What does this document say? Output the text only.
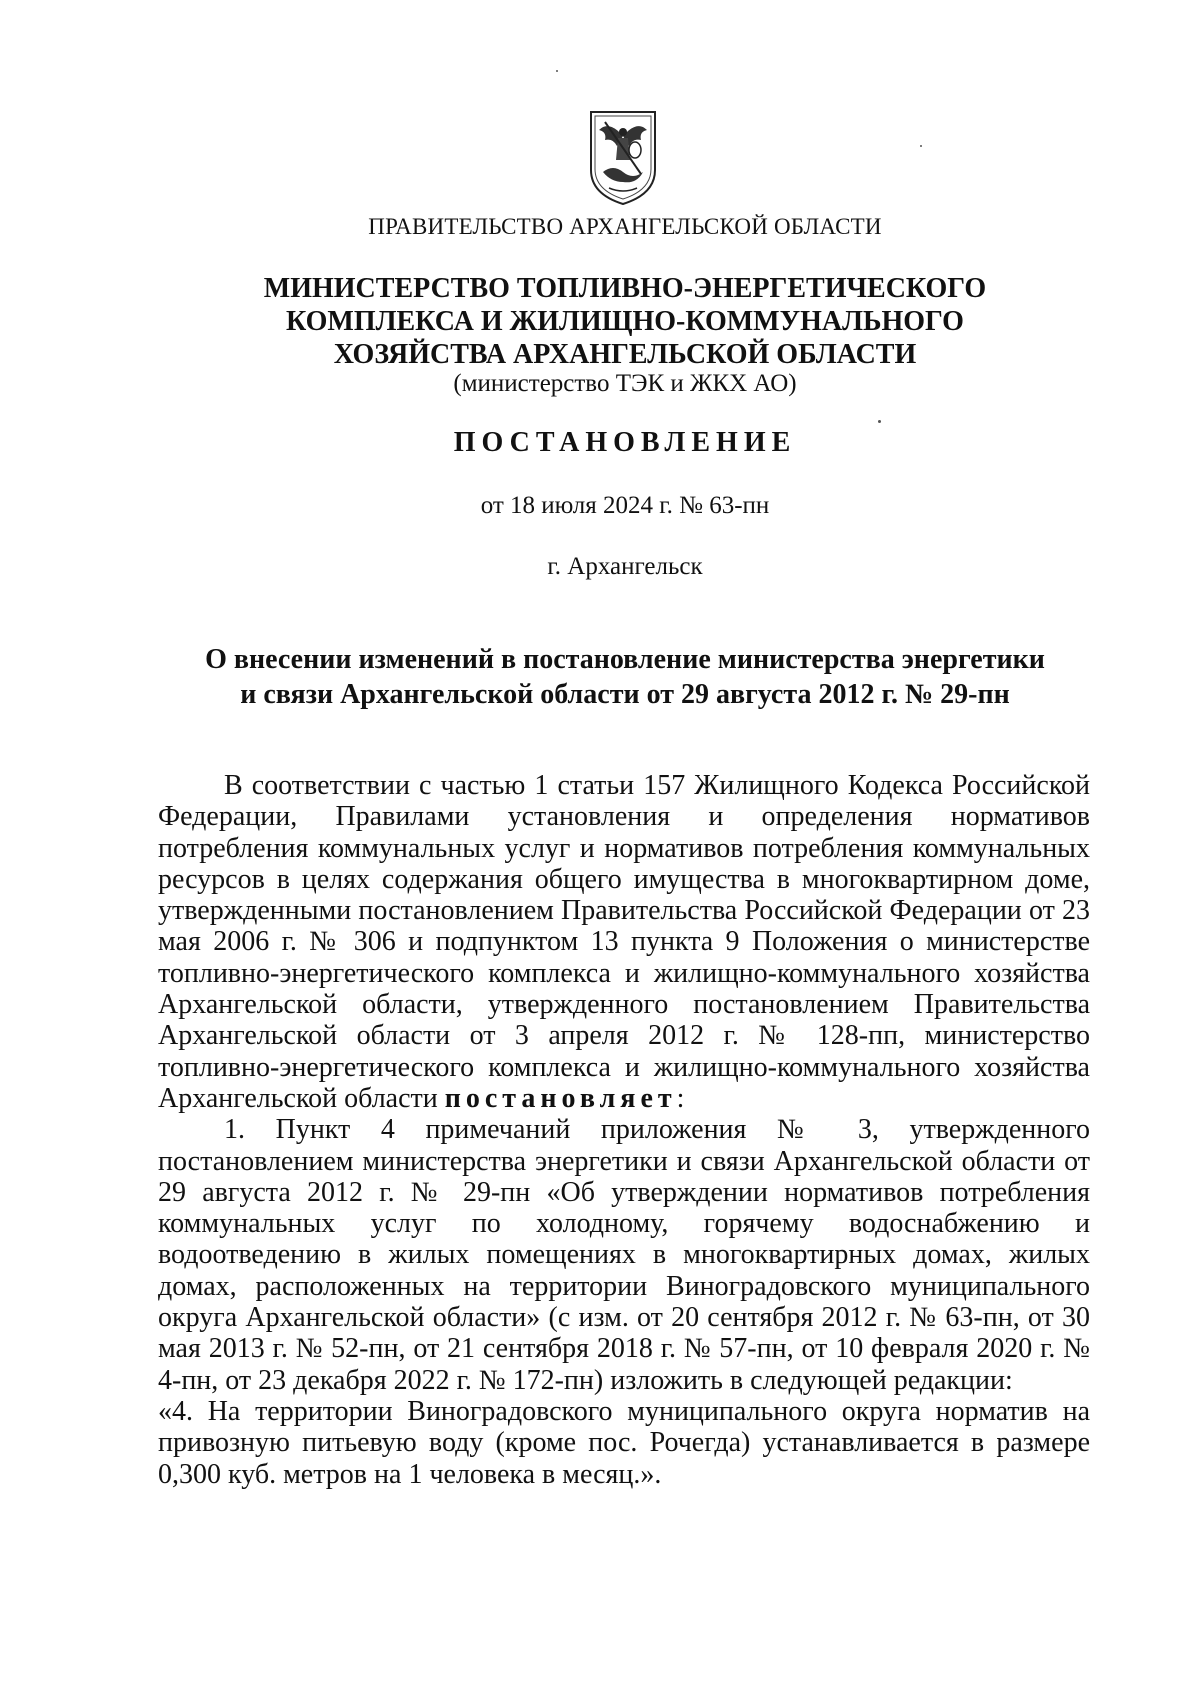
ПРАВИТЕЛЬСТВО АРХАНГЕЛЬСКОЙ ОБЛАСТИ
МИНИСТЕРСТВО ТОПЛИВНО-ЭНЕРГЕТИЧЕСКОГО
КОМПЛЕКСА И ЖИЛИЩНО-КОММУНАЛЬНОГО
ХОЗЯЙСТВА АРХАНГЕЛЬСКОЙ ОБЛАСТИ
(министерство ТЭК и ЖКХ АО)
ПОСТАНОВЛЕНИЕ
от 18 июля 2024 г. № 63-пн
г. Архангельск
О внесении изменений в постановление министерства энергетики
и связи Архангельской области от 29 августа 2012 г. № 29-пн

В соответствии с частью 1 статьи 157 Жилищного Кодекса Российской Федерации, Правилами установления и определения нормативов потребления коммунальных услуг и нормативов потребления коммунальных ресурсов в целях содержания общего имущества в многоквартирном доме, утвержденными постановлением Правительства Российской Федерации от 23 мая 2006 г. № 306 и подпунктом 13 пункта 9 Положения о министерстве топливно-энергетического комплекса и жилищно-коммунального хозяйства Архангельской области, утвержденного постановлением Правительства Архангельской области от 3 апреля 2012 г. № 128-пп, министерство топливно-энергетического комплекса и жилищно-коммунального хозяйства Архангельской области постановляет:

1. Пункт 4 примечаний приложения № 3, утвержденного постановлением министерства энергетики и связи Архангельской области от 29 августа 2012 г. № 29-пн «Об утверждении нормативов потребления коммунальных услуг по холодному, горячему водоснабжению и водоотведению в жилых помещениях в многоквартирных домах, жилых домах, расположенных на территории Виноградовского муниципального округа Архангельской области» (с изм. от 20 сентября 2012 г. № 63-пн, от 30 мая 2013 г. № 52-пн, от 21 сентября 2018 г. № 57-пн, от 10 февраля 2020 г. № 4-пн, от 23 декабря 2022 г. № 172-пн) изложить в следующей редакции:

«4. На территории Виноградовского муниципального округа норматив на привозную питьевую воду (кроме пос. Рочегда) устанавливается в размере 0,300 куб. метров на 1 человека в месяц.».
